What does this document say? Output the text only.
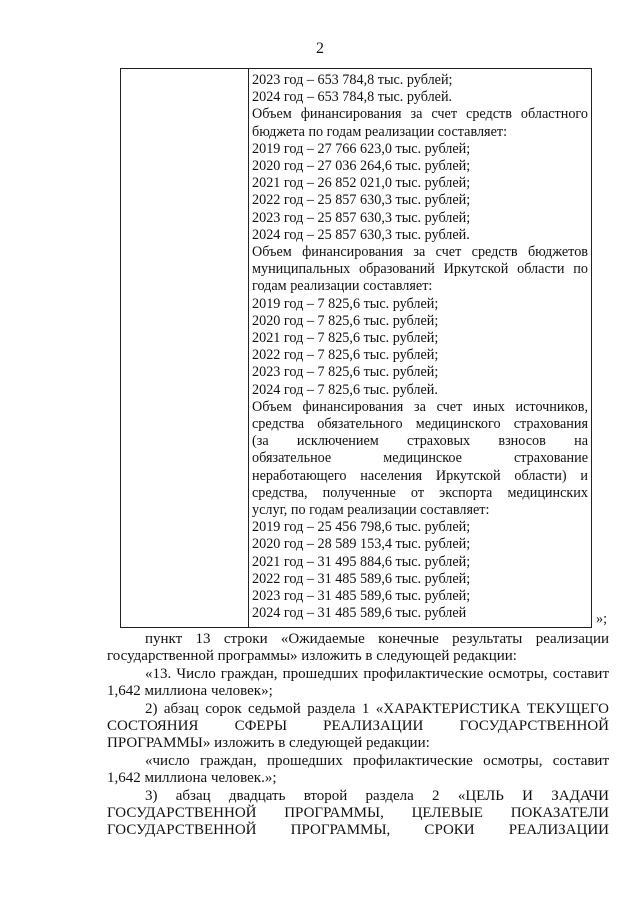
2
2023 год – 653 784,8 тыс. рублей;
2024 год – 653 784,8 тыс. рублей.
Объем финансирования за счет средств областного
бюджета по годам реализации составляет:
2019 год – 27 766 623,0 тыс. рублей;
2020 год – 27 036 264,6 тыс. рублей;
2021 год – 26 852 021,0 тыс. рублей;
2022 год – 25 857 630,3 тыс. рублей;
2023 год – 25 857 630,3 тыс. рублей;
2024 год – 25 857 630,3 тыс. рублей.
Объем финансирования за счет средств бюджетов
муниципальных образований Иркутской области по
годам реализации составляет:
2019 год – 7 825,6 тыс. рублей;
2020 год – 7 825,6 тыс. рублей;
2021 год – 7 825,6 тыс. рублей;
2022 год – 7 825,6 тыс. рублей;
2023 год – 7 825,6 тыс. рублей;
2024 год – 7 825,6 тыс. рублей.
Объем финансирования за счет иных источников,
средства обязательного медицинского страхования
(за исключением страховых взносов на
обязательное медицинское страхование
неработающего населения Иркутской области) и
средства, полученные от экспорта медицинских
услуг, по годам реализации составляет:
2019 год – 25 456 798,6 тыс. рублей;
2020 год – 28 589 153,4 тыс. рублей;
2021 год – 31 495 884,6 тыс. рублей;
2022 год – 31 485 589,6 тыс. рублей;
2023 год – 31 485 589,6 тыс. рублей;
2024 год – 31 485 589,6 тыс. рублей	»;

пункт 13 строки «Ожидаемые конечные результаты реализации государственной программы» изложить в следующей редакции:

«13. Число граждан, прошедших профилактические осмотры, составит 1,642 миллиона человек»;

2) абзац сорок седьмой раздела 1 «ХАРАКТЕРИСТИКА ТЕКУЩЕГО СОСТОЯНИЯ СФЕРЫ РЕАЛИЗАЦИИ ГОСУДАРСТВЕННОЙ ПРОГРАММЫ» изложить в следующей редакции:

«число граждан, прошедших профилактические осмотры, составит 1,642 миллиона человек.»;

3) абзац двадцать второй раздела 2 «ЦЕЛЬ И ЗАДАЧИ ГОСУДАРСТВЕННОЙ ПРОГРАММЫ, ЦЕЛЕВЫЕ ПОКАЗАТЕЛИ ГОСУДАРСТВЕННОЙ ПРОГРАММЫ, СРОКИ РЕАЛИЗАЦИИ
